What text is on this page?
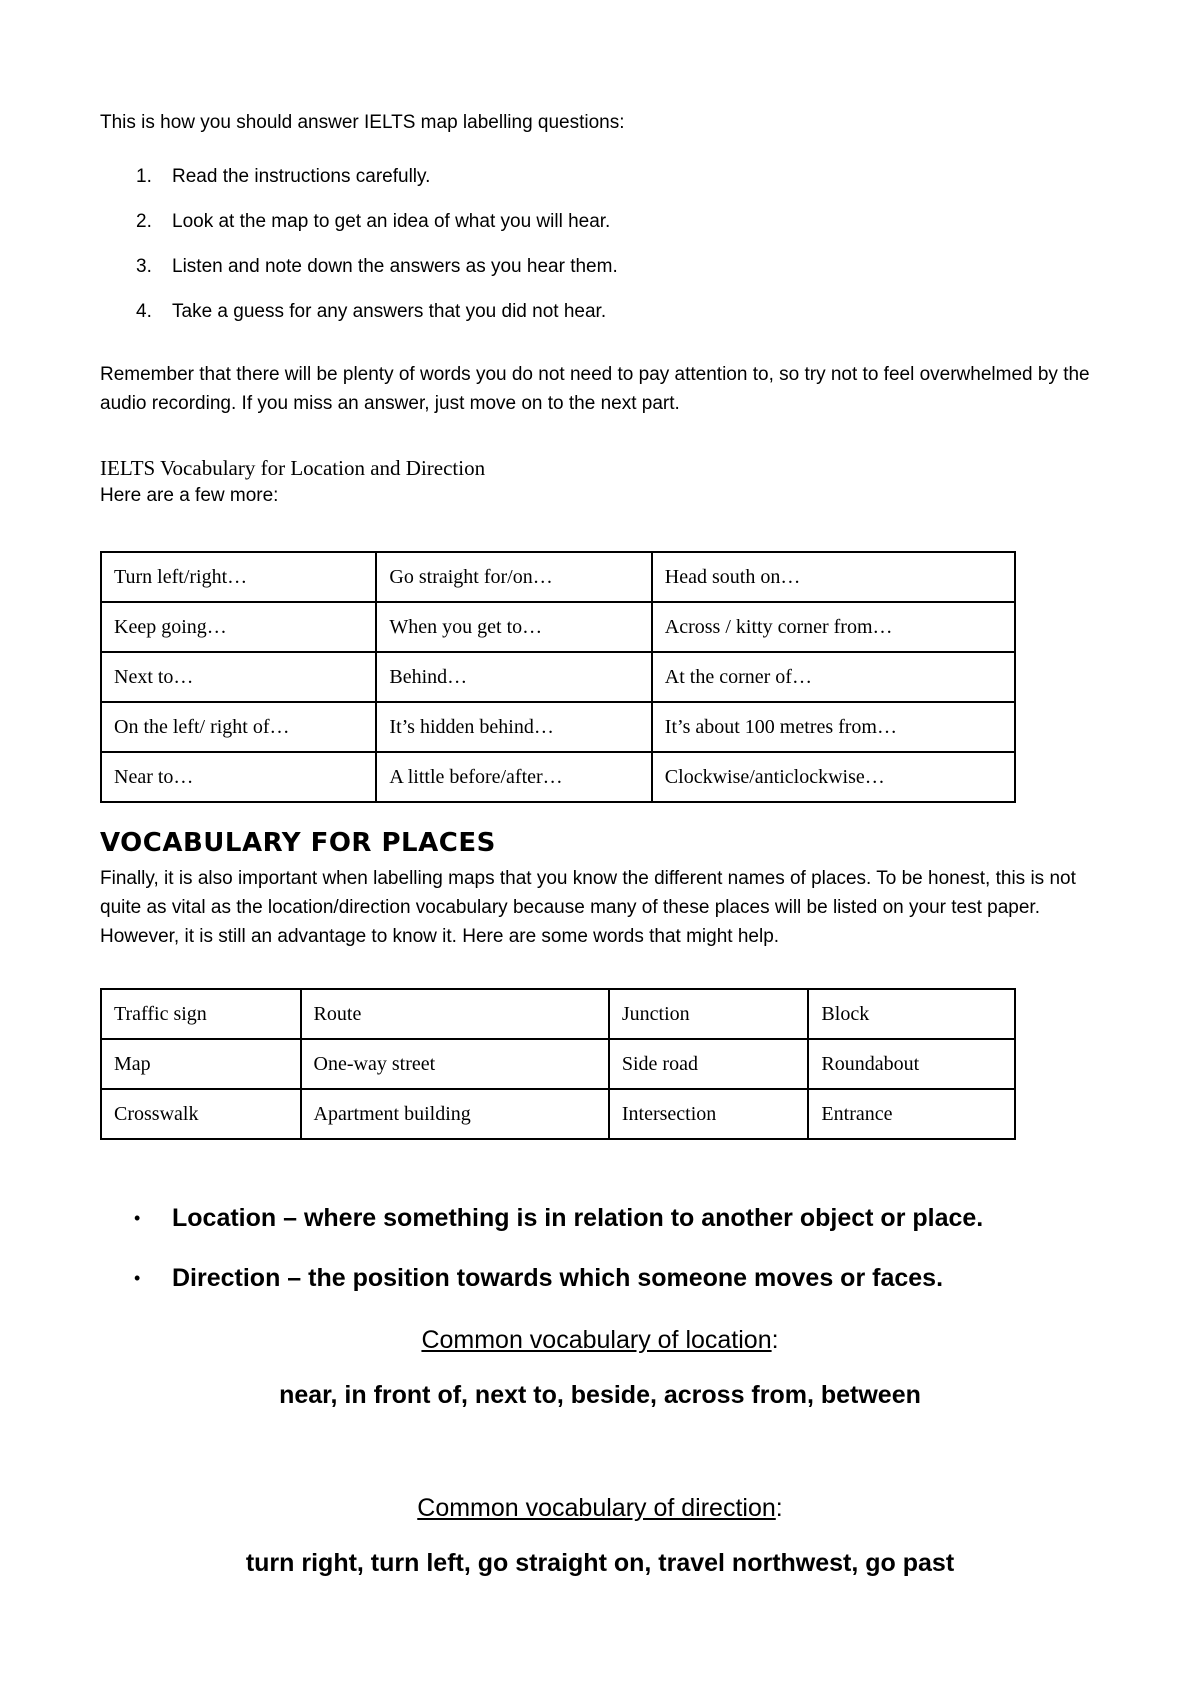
This is how you should answer IELTS map labelling questions:

1. Read the instructions carefully.
2. Look at the map to get an idea of what you will hear.
3. Listen and note down the answers as you hear them.
4. Take a guess for any answers that you did not hear.

Remember that there will be plenty of words you do not need to pay attention to, so try not to feel overwhelmed by the audio recording. If you miss an answer, just move on to the next part.

IELTS Vocabulary for Location and Direction

Here are a few more:

Turn left/right…	Go straight for/on…	Head south on…
Keep going…	When you get to…	Across / kitty corner from…
Next to…	Behind…	At the corner of…
On the left/ right of…	It’s hidden behind…	It’s about 100 metres from…
Near to…	A little before/after…	Clockwise/anticlockwise…
VOCABULARY FOR PLACES

Finally, it is also important when labelling maps that you know the different names of places. To be honest, this is not quite as vital as the location/direction vocabulary because many of these places will be listed on your test paper. However, it is still an advantage to know it. Here are some words that might help.

Traffic sign	Route	Junction	Block
Map	One-way street	Side road	Roundabout
Crosswalk	Apartment building	Intersection	Entrance
• Location – where something is in relation to another object or place.
• Direction – the position towards which someone moves or faces.

Common vocabulary of location:

near, in front of, next to, beside, across from, between

Common vocabulary of direction:

turn right, turn left, go straight on, travel northwest, go past
